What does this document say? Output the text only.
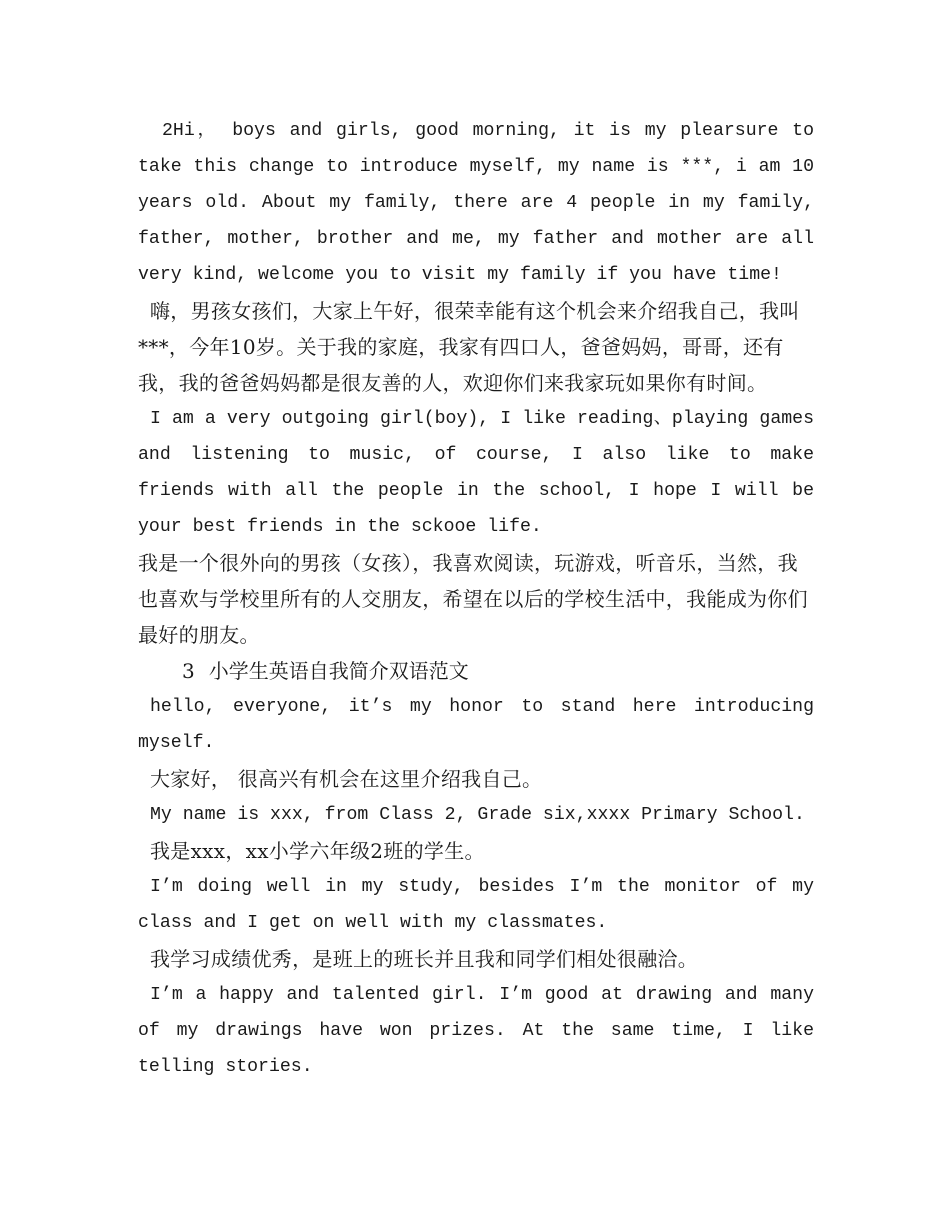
2Hi， boys and girls, good morning, it is my plearsure to take this change to introduce myself, my name is ***, i am 10 years old. About my family, there are 4 people in my family, father, mother, brother and me, my father and mother are all very kind, welcome you to visit my family if you have time!

嗨，男孩女孩们，大家上午好，很荣幸能有这个机会来介绍我自己，我叫***，今年10岁。关于我的家庭，我家有四口人，爸爸妈妈，哥哥，还有我，我的爸爸妈妈都是很友善的人，欢迎你们来我家玩如果你有时间。

I am a very outgoing girl(boy), I like reading、playing games and listening to music, of course, I also like to make friends with all the people in the school, I hope I will be your best friends in the sckooe life.

我是一个很外向的男孩（女孩），我喜欢阅读，玩游戏，听音乐，当然，我也喜欢与学校里所有的人交朋友，希望在以后的学校生活中，我能成为你们最好的朋友。

3 小学生英语自我简介双语范文

hello, everyone, it’s my honor to stand here introducing myself.

大家好， 很高兴有机会在这里介绍我自己。

My name is xxx, from Class 2, Grade six,xxxx Primary School.

我是xxx，xx小学六年级2班的学生。

I’m doing well in my study, besides I’m the monitor of my class and I get on well with my classmates.

我学习成绩优秀，是班上的班长并且我和同学们相处很融洽。

I’m a happy and talented girl. I’m good at drawing and many of my drawings have won prizes. At the same time, I like telling stories.
